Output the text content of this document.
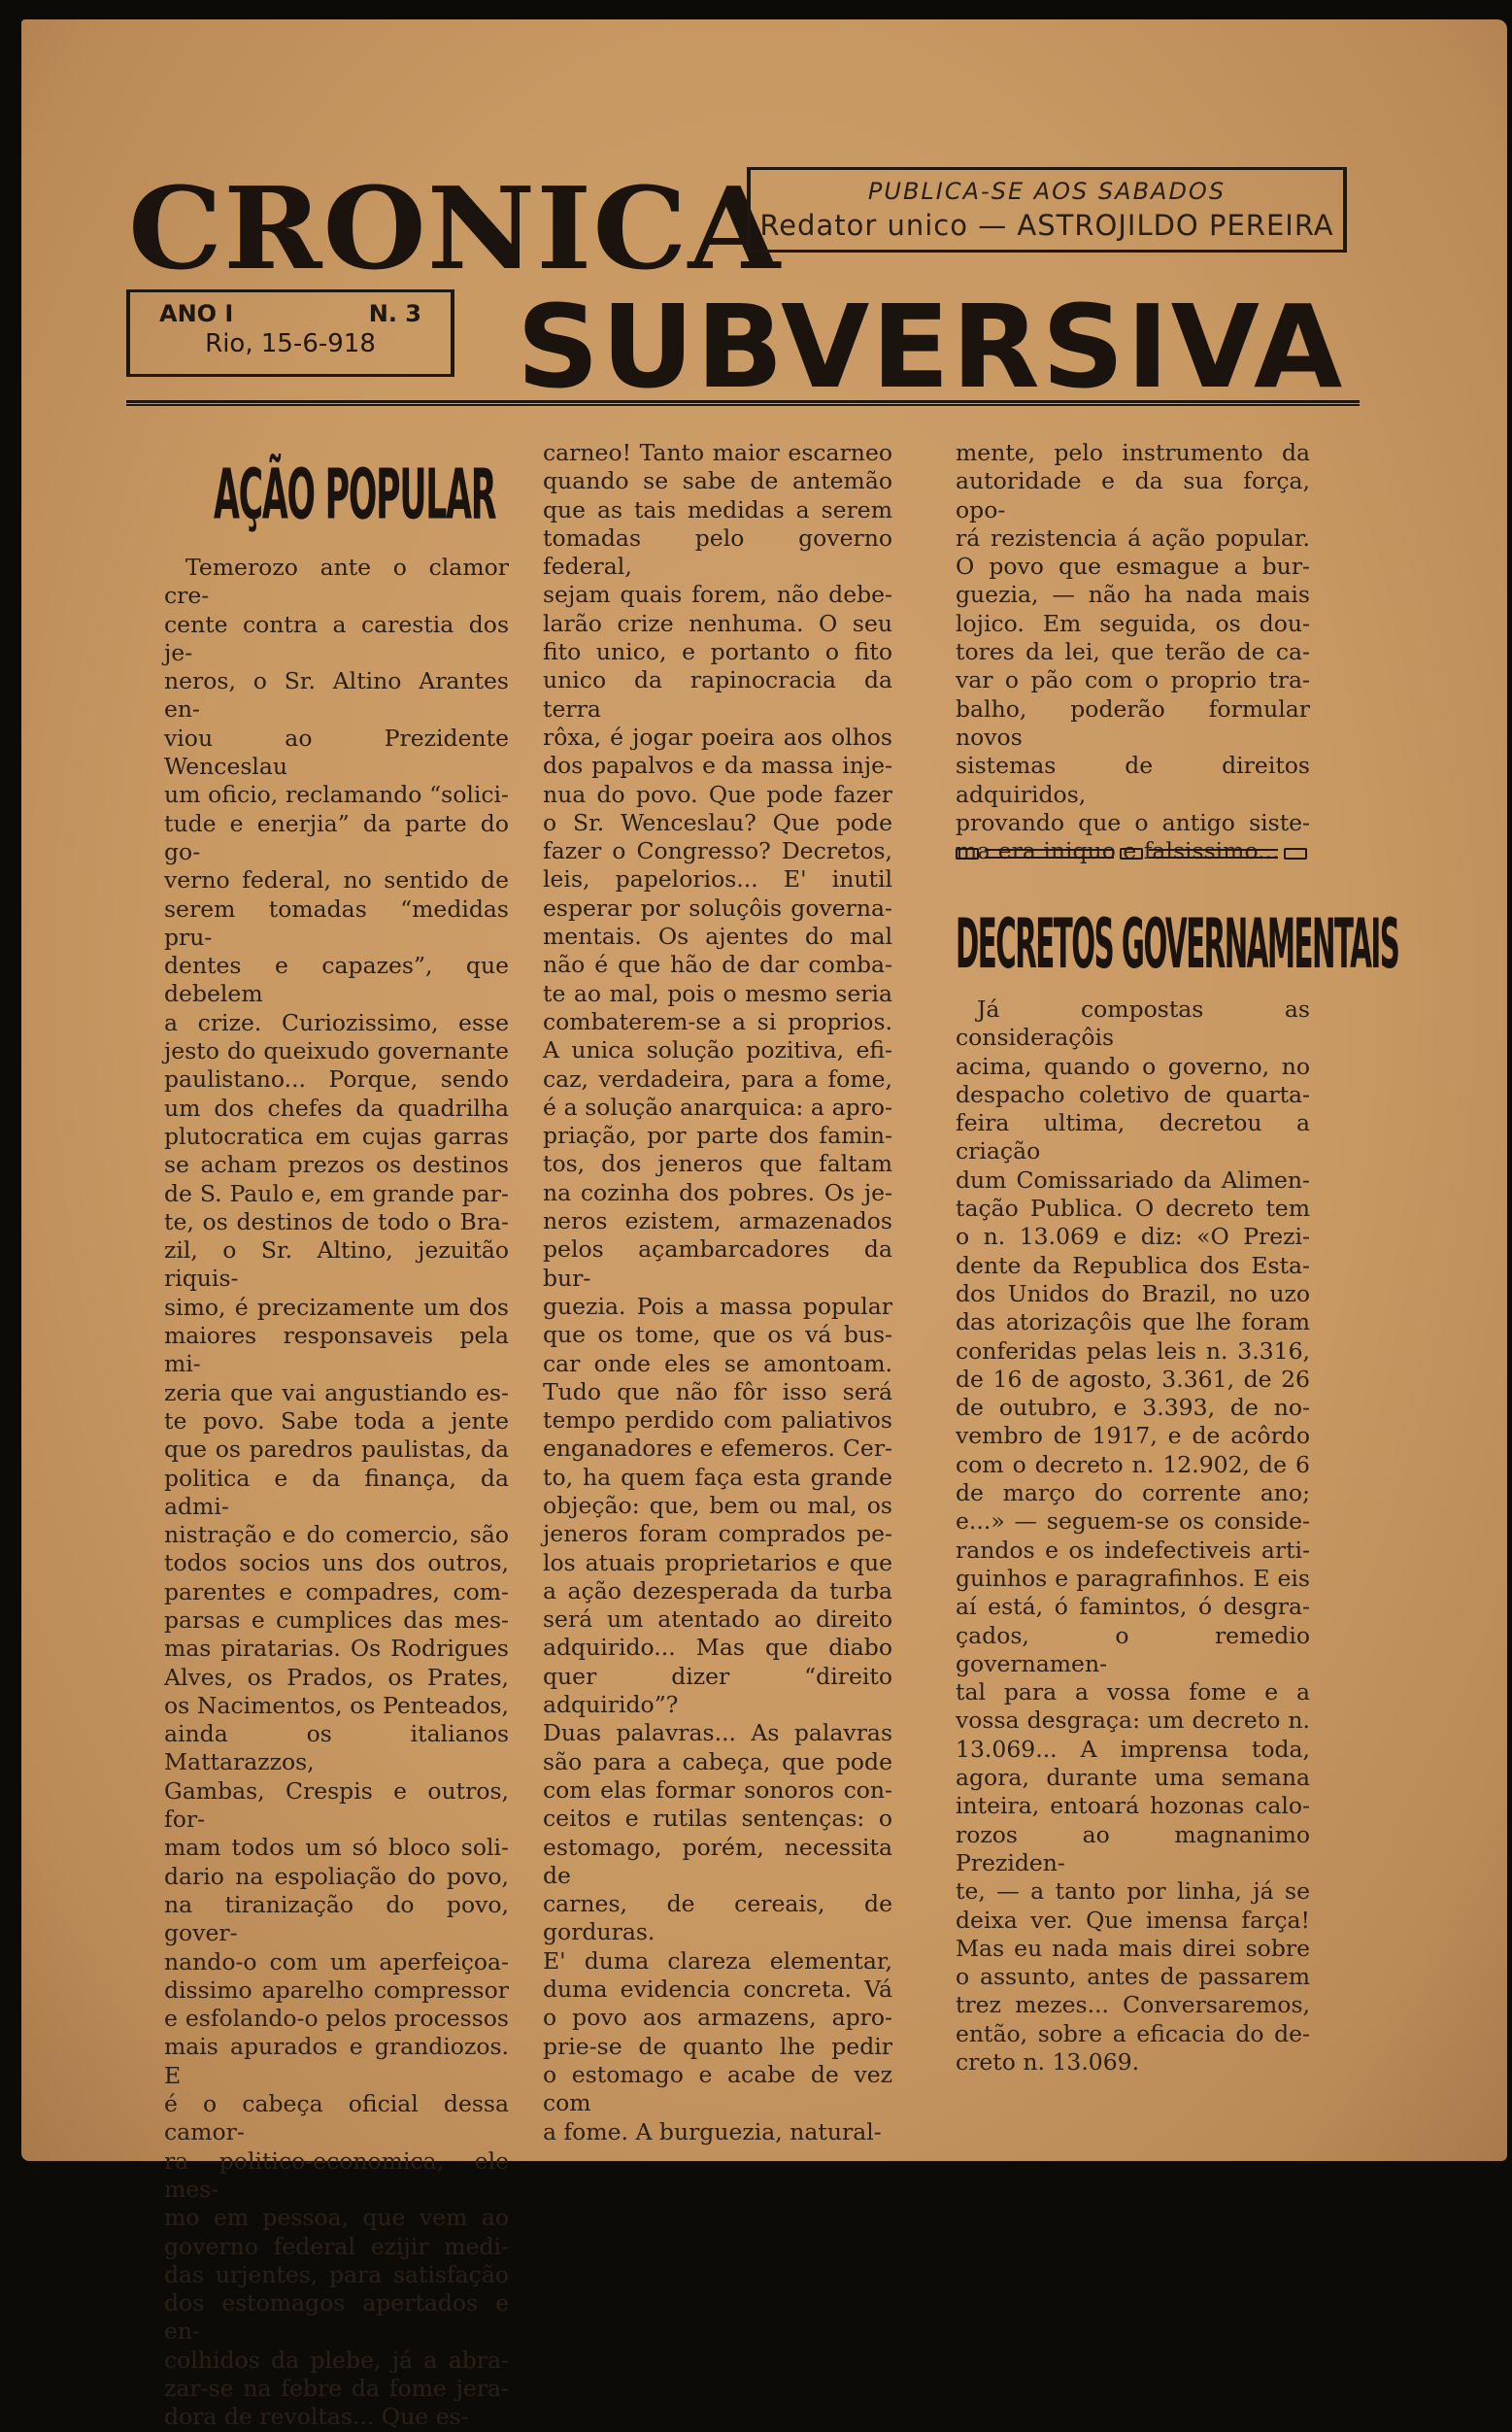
CRONICA	PUBLICA-SE AOS SABADOS
Redator unico — ASTROJILDO PEREIRA
ANO I	N. 3
Rio, 15-6-918	SUBVERSIVA
AÇÃO POPULAR

Temerozo ante o clamor cre-

cente contra a carestia dos je-

neros, o Sr. Altino Arantes en-

viou ao Prezidente Wenceslau

um oficio, reclamando “solici-

tude e enerjia” da parte do go-

verno federal, no sentido de

serem tomadas “medidas pru-

dentes e capazes”, que debelem

a crize. Curiozissimo, esse

jesto do queixudo governante

paulistano... Porque, sendo

um dos chefes da quadrilha

plutocratica em cujas garras

se acham prezos os destinos

de S. Paulo e, em grande par-

te, os destinos de todo o Bra-

zil, o Sr. Altino, jezuitão riquis-

simo, é precizamente um dos

maiores responsaveis pela mi-

zeria que vai angustiando es-

te povo. Sabe toda a jente

que os paredros paulistas, da

politica e da finança, da admi-

nistração e do comercio, são

todos socios uns dos outros,

parentes e compadres, com-

parsas e cumplices das mes-

mas piratarias. Os Rodrigues

Alves, os Prados, os Prates,

os Nacimentos, os Penteados,

ainda os italianos Mattarazzos,

Gambas, Crespis e outros, for-

mam todos um só bloco soli-

dario na espoliação do povo,

na tiranização do povo, gover-

nando-o com um aperfeiçoa-

dissimo aparelho compressor

e esfolando-o pelos processos

mais apurados e grandiozos. E

é o cabeça oficial dessa camor-

ra politico-economica, ele mes-

mo em pessoa, que vem ao

governo federal ezijir medi-

das urjentes, para satisfação

dos estomagos apertados e en-

colhidos da plebe, já a abra-

zar-se na febre da fome jera-

dora de revoltas... Que es-

carneo! Tanto maior escarneo

quando se sabe de antemão

que as tais medidas a serem

tomadas pelo governo federal,

sejam quais forem, não debe-

larão crize nenhuma. O seu

fito unico, e portanto o fito

unico da rapinocracia da terra

rôxa, é jogar poeira aos olhos

dos papalvos e da massa inje-

nua do povo. Que pode fazer

o Sr. Wenceslau? Que pode

fazer o Congresso? Decretos,

leis, papelorios... E' inutil

esperar por soluçôis governa-

mentais. Os ajentes do mal

não é que hão de dar comba-

te ao mal, pois o mesmo seria

combaterem-se a si proprios.

A unica solução pozitiva, efi-

caz, verdadeira, para a fome,

é a solução anarquica: a apro-

priação, por parte dos famin-

tos, dos jeneros que faltam

na cozinha dos pobres. Os je-

neros ezistem, armazenados

pelos açambarcadores da bur-

guezia. Pois a massa popular

que os tome, que os vá bus-

car onde eles se amontoam.

Tudo que não fôr isso será

tempo perdido com paliativos

enganadores e efemeros. Cer-

to, ha quem faça esta grande

objeção: que, bem ou mal, os

jeneros foram comprados pe-

los atuais proprietarios e que

a ação dezesperada da turba

será um atentado ao direito

adquirido... Mas que diabo

quer dizer “direito adquirido”?

Duas palavras... As palavras

são para a cabeça, que pode

com elas formar sonoros con-

ceitos e rutilas sentenças: o

estomago, porém, necessita de

carnes, de cereais, de gorduras.

E' duma clareza elementar,

duma evidencia concreta. Vá

o povo aos armazens, apro-

prie-se de quanto lhe pedir

o estomago e acabe de vez com

a fome. A burguezia, natural-

mente, pelo instrumento da

autoridade e da sua força, opo-

rá rezistencia á ação popular.

O povo que esmague a bur-

guezia, — não ha nada mais

lojico. Em seguida, os dou-

tores da lei, que terão de ca-

var o pão com o proprio tra-

balho, poderão formular novos

sistemas de direitos adquiridos,

provando que o antigo siste-

ma era iniquo e falsissimo...

DECRETOS GOVERNAMENTAIS

Já compostas as consideraçôis

acima, quando o governo, no

despacho coletivo de quarta-

feira ultima, decretou a criação

dum Comissariado da Alimen-

tação Publica. O decreto tem

o n. 13.069 e diz: «O Prezi-

dente da Republica dos Esta-

dos Unidos do Brazil, no uzo

das atorizaçôis que lhe foram

conferidas pelas leis n. 3.316,

de 16 de agosto, 3.361, de 26

de outubro, e 3.393, de no-

vembro de 1917, e de acôrdo

com o decreto n. 12.902, de 6

de março do corrente ano;

e...» — seguem-se os conside-

randos e os indefectiveis arti-

guinhos e paragrafinhos. E eis

aí está, ó famintos, ó desgra-

çados, o remedio governamen-

tal para a vossa fome e a

vossa desgraça: um decreto n.

13.069... A imprensa toda,

agora, durante uma semana

inteira, entoará hozonas calo-

rozos ao magnanimo Preziden-

te, — a tanto por linha, já se

deixa ver. Que imensa farça!

Mas eu nada mais direi sobre

o assunto, antes de passarem

trez mezes... Conversaremos,

então, sobre a eficacia do de-

creto n. 13.069.
